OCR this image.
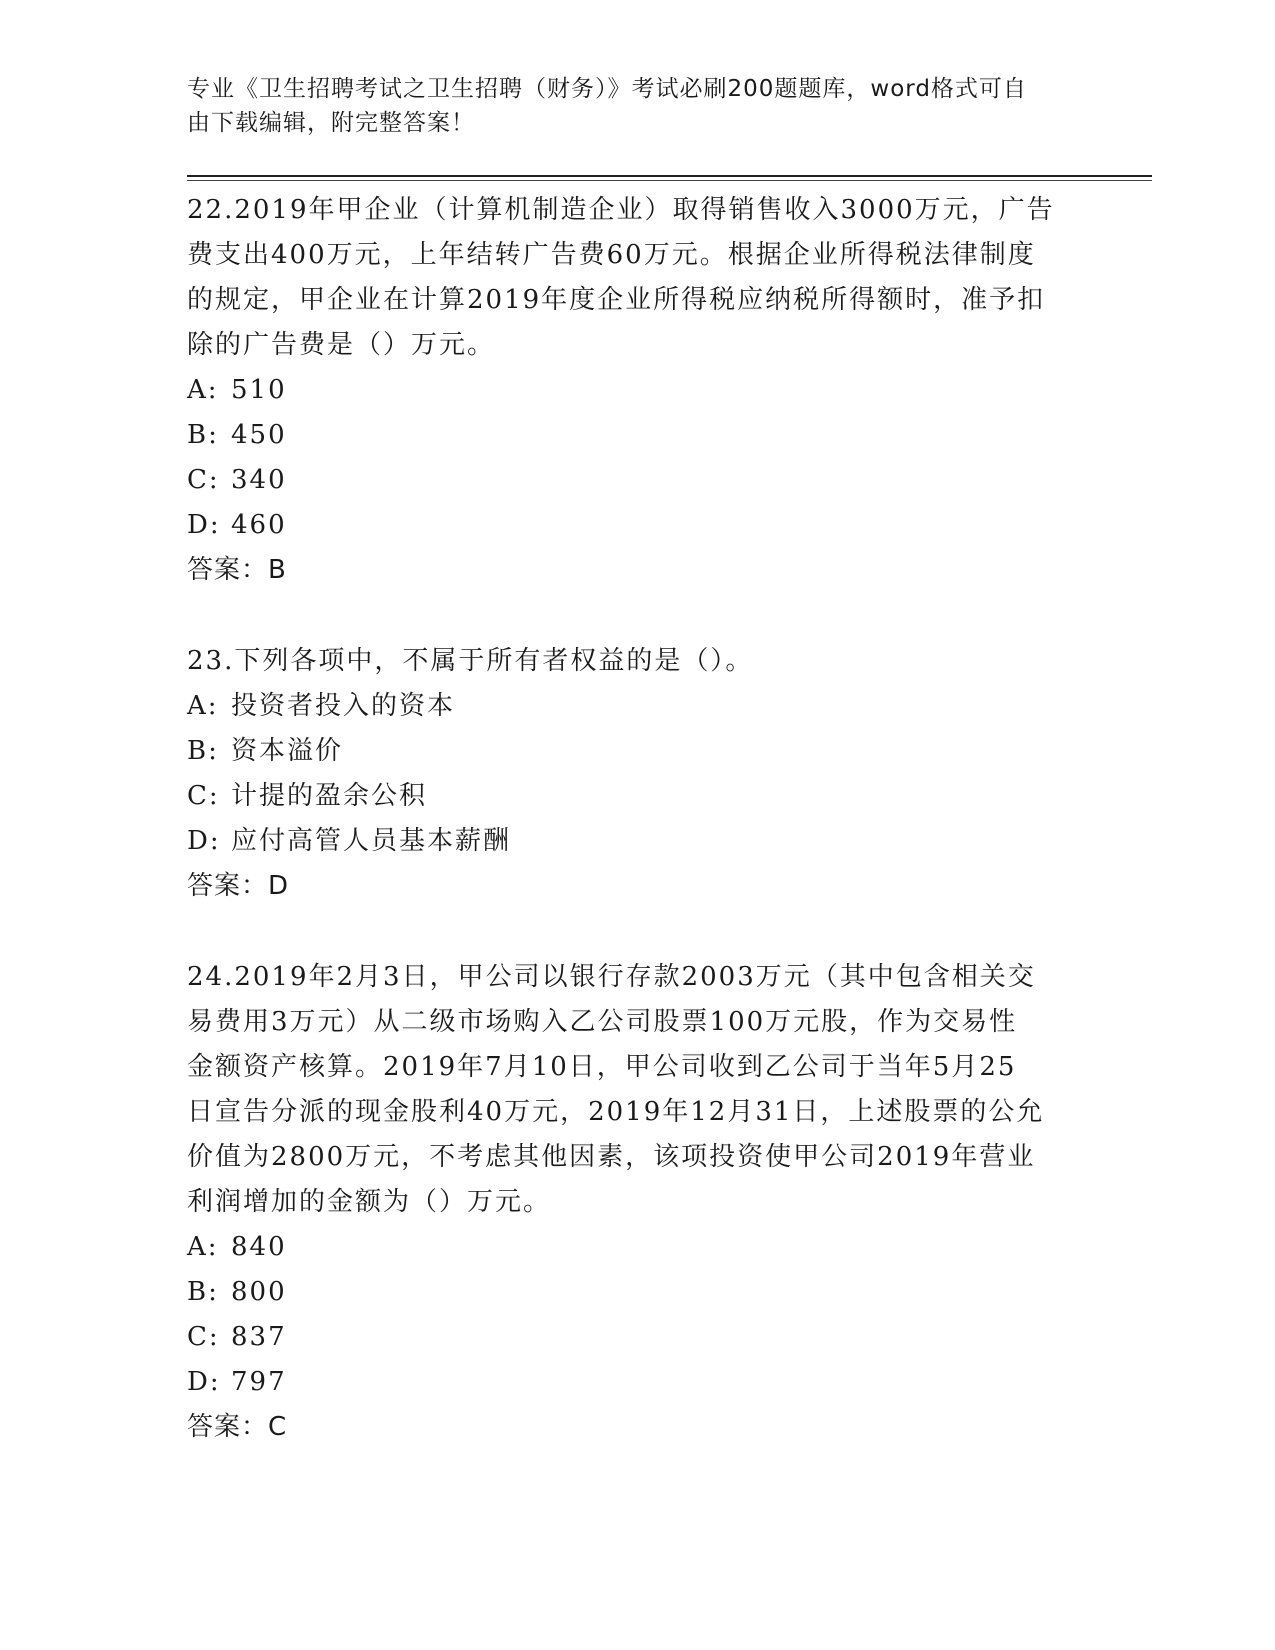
专业《卫生招聘考试之卫生招聘（财务）》考试必刷200题题库，word格式可自
由下载编辑，附完整答案！

22.2019年甲企业（计算机制造企业）取得销售收入3000万元，广告

费支出400万元，上年结转广告费60万元。根据企业所得税法律制度

的规定，甲企业在计算2019年度企业所得税应纳税所得额时，准予扣

除的广告费是（）万元。

A: 510

B: 450

C: 340

D: 460

答案：B

23.下列各项中，不属于所有者权益的是（）。

A: 投资者投入的资本

B: 资本溢价

C: 计提的盈余公积

D: 应付高管人员基本薪酬

答案：D

24.2019年2月3日，甲公司以银行存款2003万元（其中包含相关交

易费用3万元）从二级市场购入乙公司股票100万元股，作为交易性

金额资产核算。2019年7月10日，甲公司收到乙公司于当年5月25

日宣告分派的现金股利40万元，2019年12月31日，上述股票的公允

价值为2800万元，不考虑其他因素，该项投资使甲公司2019年营业

利润增加的金额为（）万元。

A: 840

B: 800

C: 837

D: 797

答案：C
